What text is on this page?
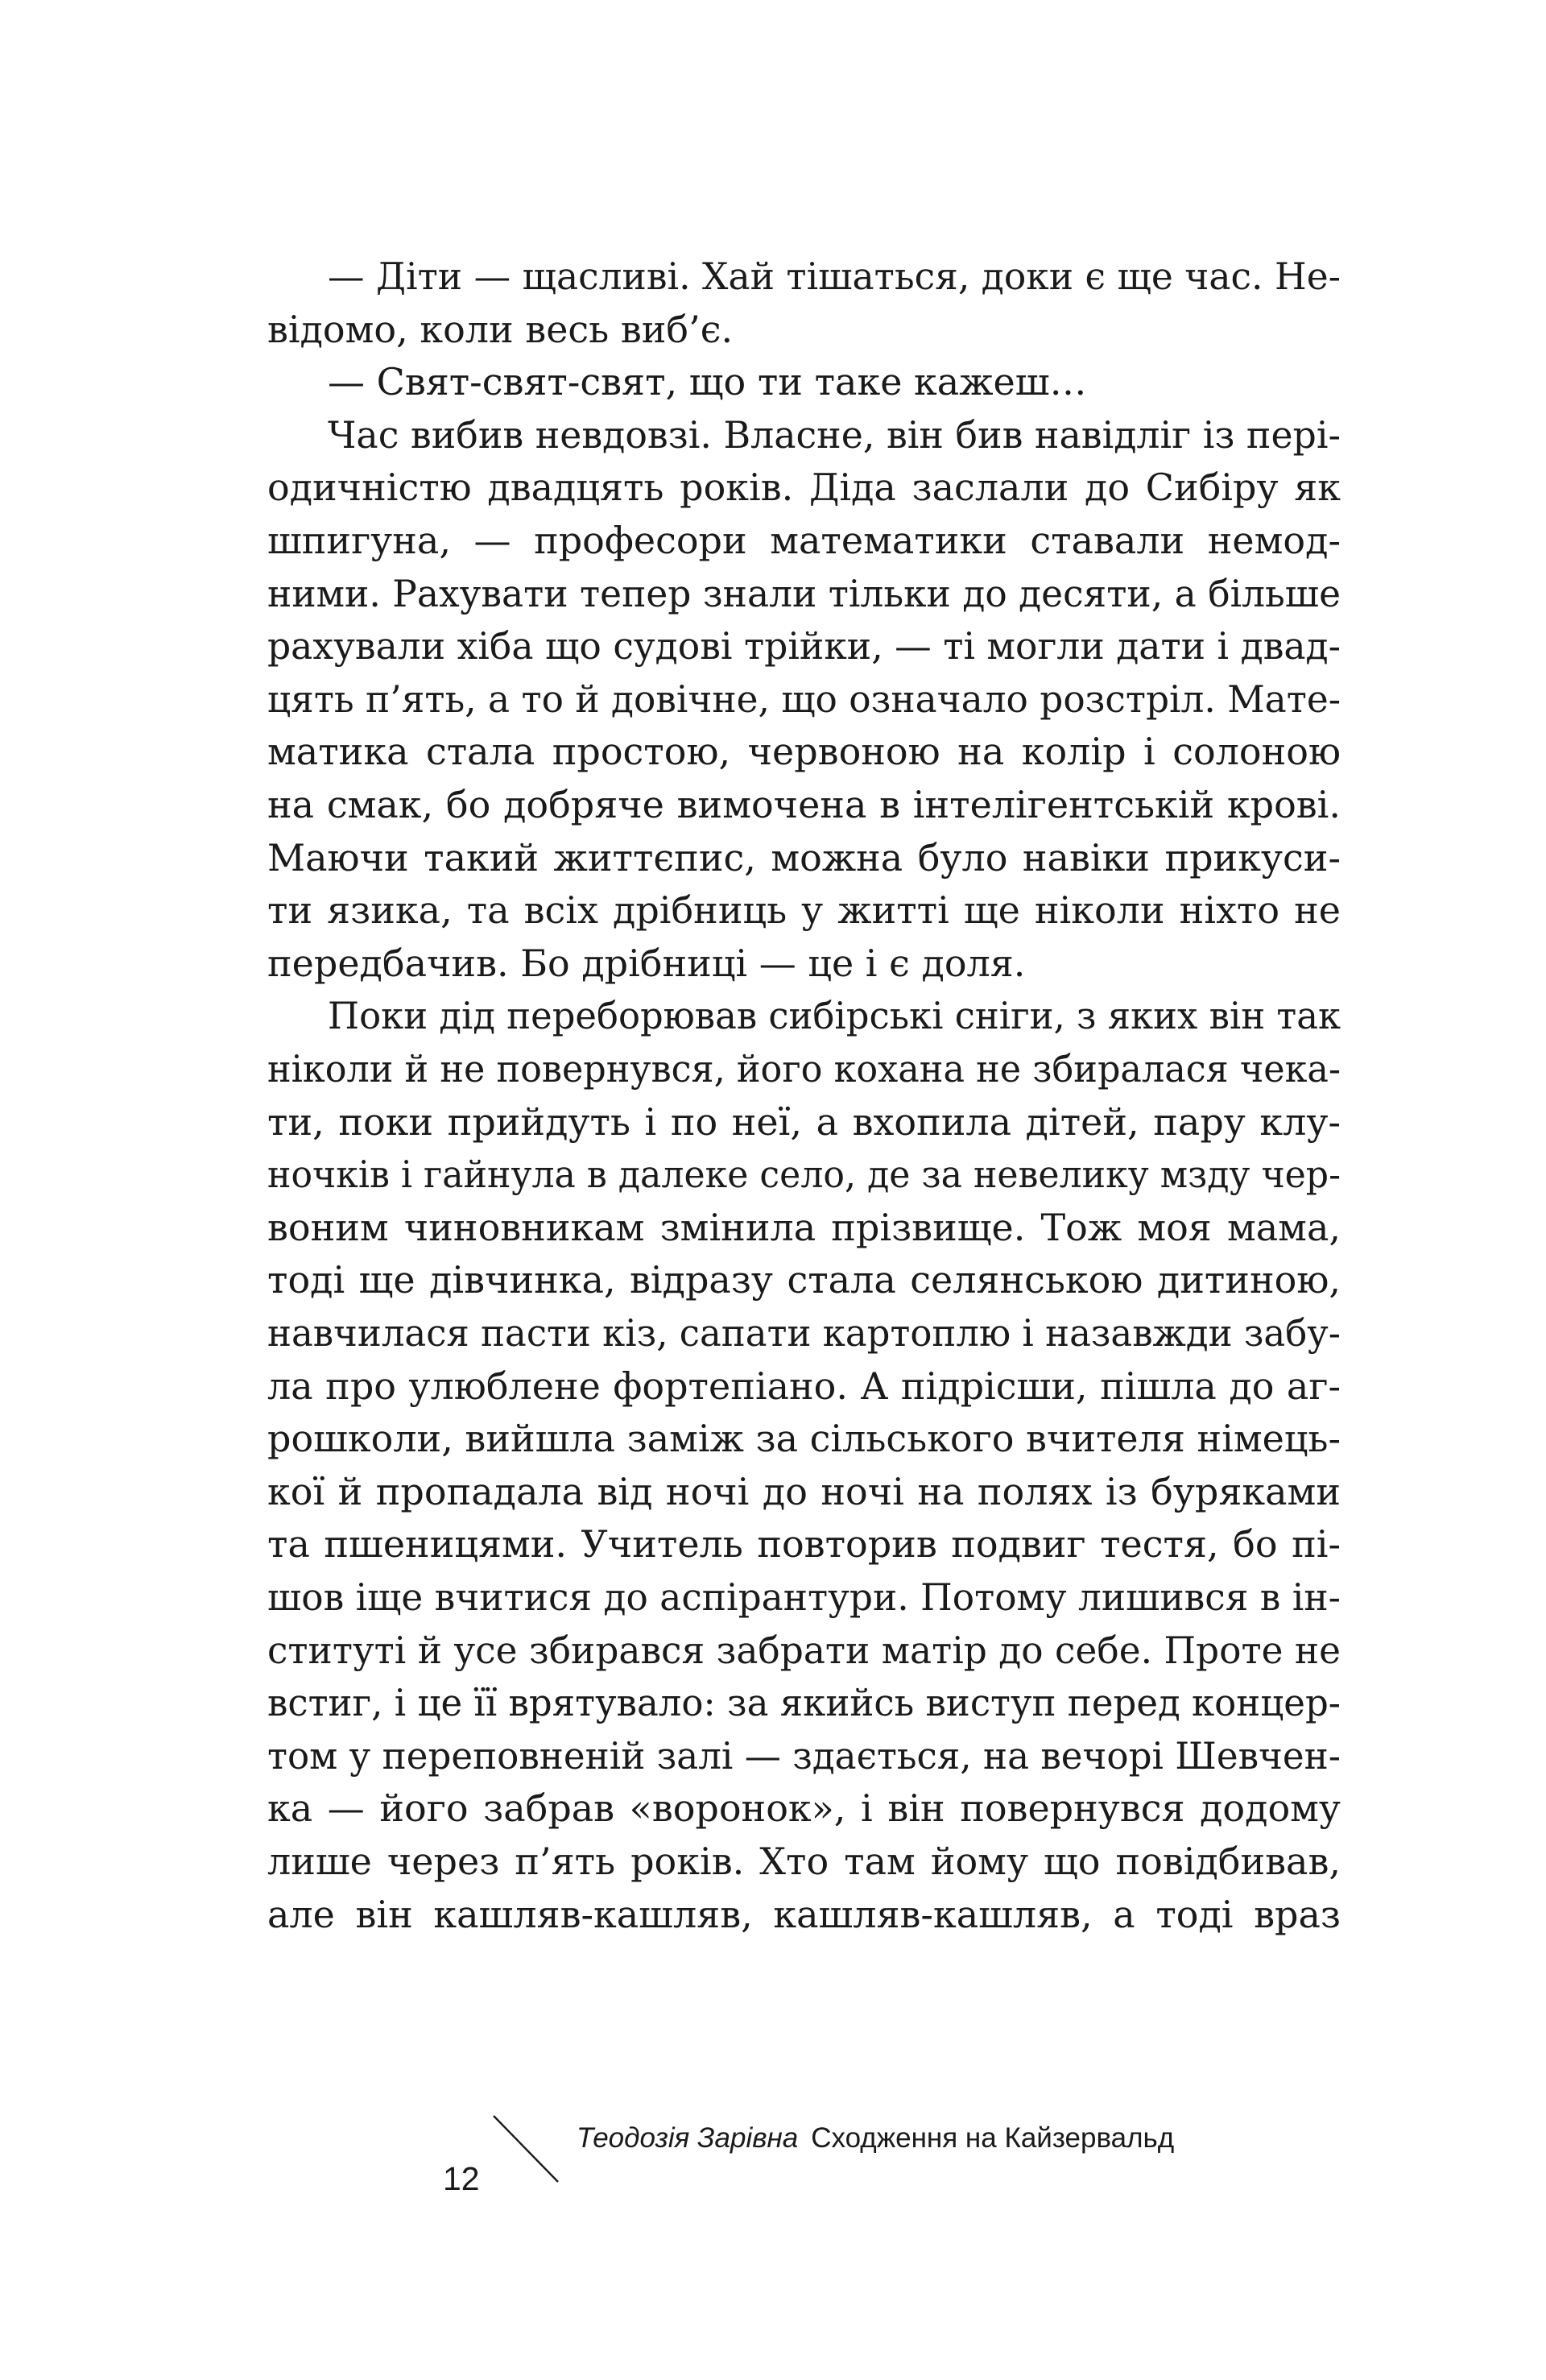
— Діти — щасливі. Хай тішаться, доки є ще час. Не-
відомо, коли весь виб’є.
— Свят-свят-свят, що ти таке кажеш…
Час вибив невдовзі. Власне, він бив навідліг із пері-
одичністю двадцять років. Діда заслали до Сибіру як
шпигуна, — професори математики ставали немод-
ними. Рахувати тепер знали тільки до десяти, а більше
рахували хіба що судові трійки, — ті могли дати і двад-
цять п’ять, а то й довічне, що означало розстріл. Мате-
матика стала простою, червоною на колір і солоною
на смак, бо добряче вимочена в інтелігентській крові.
Маючи такий життєпис, можна було навіки прикуси-
ти язика, та всіх дрібниць у житті ще ніколи ніхто не
передбачив. Бо дрібниці — це і є доля.
Поки дід переборював сибірські сніги, з яких він так
ніколи й не повернувся, його кохана не збиралася чека-
ти, поки прийдуть і по неї, а вхопила дітей, пару клу-
ночків і гайнула в далеке село, де за невелику мзду чер-
воним чиновникам змінила прізвище. Тож моя мама,
тоді ще дівчинка, відразу стала селянською дитиною,
навчилася пасти кіз, сапати картоплю і назавжди забу-
ла про улюблене фортепіано. А підрісши, пішла до аг-
рошколи, вийшла заміж за сільського вчителя німець-
кої й пропадала від ночі до ночі на полях із буряками
та пшеницями. Учитель повторив подвиг тестя, бо пі-
шов іще вчитися до аспірантури. Потому лишився в ін-
ституті й усе збирався забрати матір до себе. Проте не
встиг, і це її врятувало: за якийсь виступ перед концер-
том у переповненій залі — здається, на вечорі Шевчен-
ка — його забрав «воронок», і він повернувся додому
лише через п’ять років. Хто там йому що повідбивав,
але він кашляв-кашляв, кашляв-кашляв, а тоді враз
12
Теодозія Зарівна Сходження на Кайзервальд
